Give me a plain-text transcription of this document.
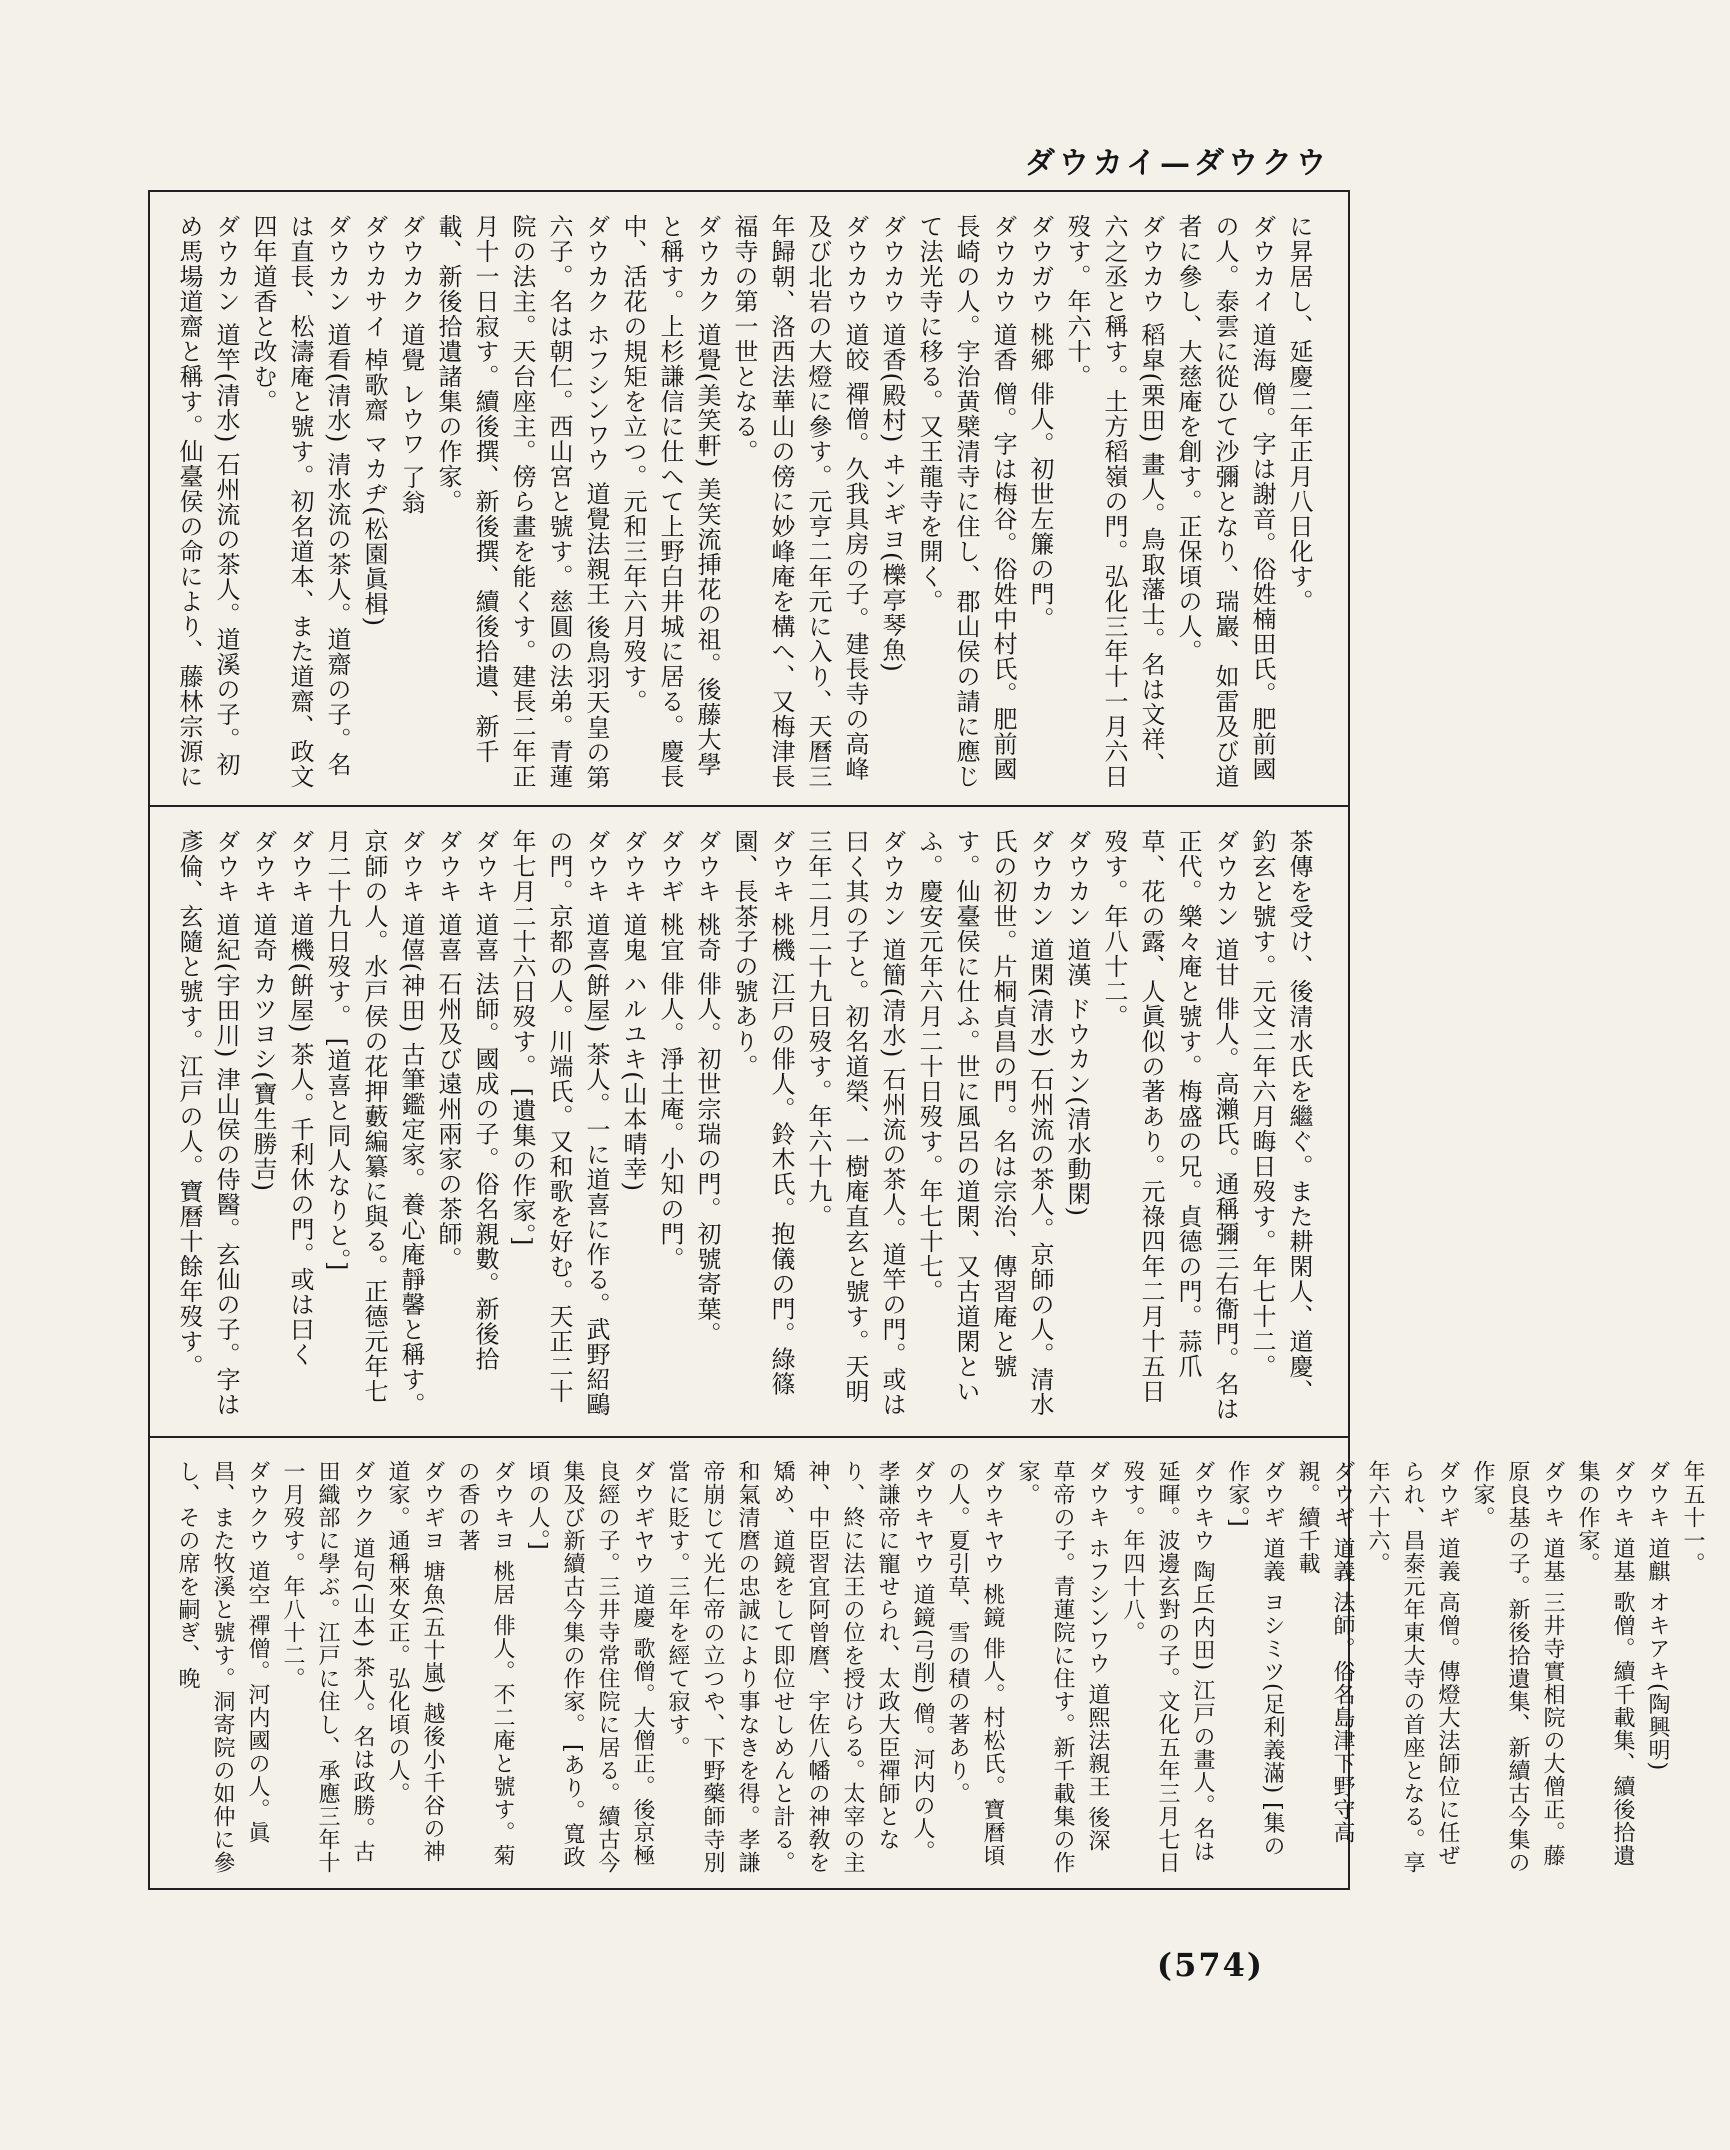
ダウカイ—ダウクウ
に昇居し、延慶二年正月八日化す。
ダウカイ 道海 僧。字は謝音。俗姓楠田氏。肥前國の人。泰雲に從ひて沙彌となり、瑞巖、如雷及び道者に參し、大慈庵を創す。正保頃の人。
ダウカウ 稻皐(栗田) 畫人。鳥取藩士。名は文祥、六之丞と稱す。土方稻嶺の門。弘化三年十一月六日歿す。年六十。
ダウガウ 桃郷 俳人。初世左簾の門。
ダウカウ 道香 僧。字は梅谷。俗姓中村氏。肥前國長崎の人。宇治黄檗清寺に住し、郡山侯の請に應じて法光寺に移る。又王龍寺を開く。
ダウカウ 道香(殿村) ヰンギヨ(櫟亭琴魚)
ダウカウ 道皎 禪僧。久我具房の子。建長寺の高峰及び北岩の大燈に參す。元亨二年元に入り、天曆三年歸朝、洛西法華山の傍に妙峰庵を構へ、又梅津長福寺の第一世となる。
ダウカク 道覺(美笑軒) 美笑流挿花の祖。後藤大學と稱す。上杉謙信に仕へて上野白井城に居る。慶長中、活花の規矩を立つ。元和三年六月歿す。
ダウカク ホフシンワウ 道覺法親王 後鳥羽天皇の第六子。名は朝仁。西山宮と號す。慈圓の法弟。青蓮院の法主。天台座主。傍ら畫を能くす。建長二年正月十一日寂す。續後撰、新後撰、續後拾遺、新千載、新後拾遺諸集の作家。
ダウカク 道覺 レウワ 了翁
ダウカサイ 棹歌齋 マカヂ(松園眞楫)
ダウカン 道看(清水) 清水流の茶人。道齋の子。名は直長、松濤庵と號す。初名道本、また道齋、政文四年道香と改む。
ダウカン 道竿(清水) 石州流の茶人。道溪の子。初め馬場道齋と稱す。仙臺侯の命により、藤林宗源に
茶傳を受け、後清水氏を繼ぐ。また耕閑人、道慶、釣玄と號す。元文二年六月晦日歿す。年七十二。
ダウカン 道甘 俳人。高瀨氏。通稱彌三右衞門。名は正代。樂々庵と號す。梅盛の兄。貞德の門。蒜爪草、花の露、人眞似の著あり。元祿四年二月十五日歿す。年八十二。
ダウカン 道漢 ドウカン(清水動閑)
ダウカン 道閑(清水) 石州流の茶人。京師の人。清水氏の初世。片桐貞昌の門。名は宗治、傳習庵と號す。仙臺侯に仕ふ。世に風呂の道閑、又古道閑といふ。慶安元年六月二十日歿す。年七十七。
ダウカン 道簡(清水) 石州流の茶人。道竿の門。或は曰く其の子と。初名道榮、一樹庵直玄と號す。天明三年二月二十九日歿す。年六十九。
ダウキ 桃機 江戸の俳人。鈴木氏。抱儀の門。綠篠園、長茶子の號あり。
ダウキ 桃奇 俳人。初世宗瑞の門。初號寄葉。
ダウギ 桃宜 俳人。淨土庵。小知の門。
ダウキ 道鬼 ハルユキ(山本晴幸)
ダウキ 道喜(餠屋) 茶人。一に道喜に作る。武野紹鷗の門。京都の人。川端氏。又和歌を好む。天正二十年七月二十六日歿す。 [遺集の作家。]
ダウキ 道喜 法師。國成の子。俗名親數。新後拾
ダウキ 道喜 石州及び遠州兩家の茶師。
ダウキ 道僖(神田) 古筆鑑定家。養心庵靜馨と稱す。京師の人。水戸侯の花押藪編纂に與る。正德元年七月二十九日歿す。 [道喜と同人なりと。]
ダウキ 道機(餠屋) 茶人。千利休の門。或は曰く
ダウキ 道奇 カツヨシ(寶生勝吉)
ダウキ 道紀(宇田川) 津山侯の侍醫。玄仙の子。字は彥倫、玄隨と號す。江戸の人。寶曆十餘年歿す。
年五十一。
ダウキ 道麒 オキアキ(陶興明)
ダウキ 道基 歌僧。續千載集、續後拾遺集の作家。
ダウキ 道基 三井寺實相院の大僧正。藤原良基の子。新後拾遺集、新續古今集の作家。
ダウギ 道義 高僧。傳燈大法師位に任ぜられ、昌泰元年東大寺の首座となる。享年六十六。
ダウギ 道義 法師。俗名島津下野守高親。續千載
ダウギ 道義 ヨシミツ(足利義滿) [集の作家。]
ダウキウ 陶丘(内田) 江戸の畫人。名は延暉。波邊玄對の子。文化五年三月七日歿す。年四十八。
ダウキ ホフシンワウ 道熙法親王 後深草帝の子。青蓮院に住す。新千載集の作家。
ダウキヤウ 桃鏡 俳人。村松氏。寶曆頃の人。夏引草、雪の積の著あり。
ダウキヤウ 道鏡(弓削) 僧。河内の人。孝謙帝に寵せられ、太政大臣禪師となり、終に法王の位を授けらる。太宰の主神、中臣習宜阿曾麿、宇佐八幡の神敎を矯め、道鏡をして即位せしめんと計る。和氣清麿の忠誠により事なきを得。孝謙帝崩じて光仁帝の立つや、下野藥師寺別當に貶す。三年を經て寂す。
ダウギヤウ 道慶 歌僧。大僧正。後京極良經の子。三井寺常住院に居る。續古今集及び新續古今集の作家。 [あり。寬政頃の人。]
ダウキヨ 桃居 俳人。不二庵と號す。菊の香の著
ダウギヨ 塘魚(五十嵐) 越後小千谷の神道家。通稱來女正。弘化頃の人。
ダウク 道句(山本) 茶人。名は政勝。古田織部に學ぶ。江戸に住し、承應三年十一月歿す。年八十二。
ダウクウ 道空 禪僧。河内國の人。眞昌、また牧溪と號す。洞寄院の如仲に參し、その席を嗣ぎ、晚
(574)
